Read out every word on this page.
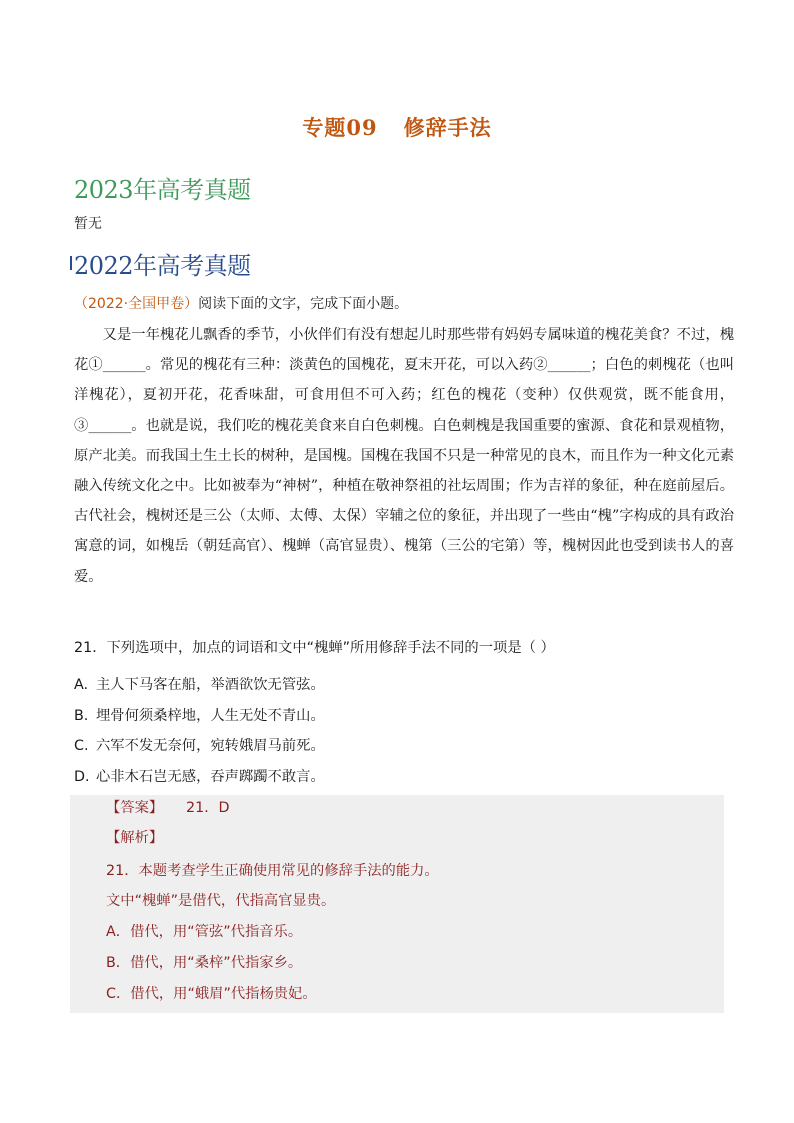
专题09 修辞手法
2023年高考真题
暂无
2022年高考真题
（2022·全国甲卷）阅读下面的文字，完成下面小题。

又是一年槐花儿飘香的季节，小伙伴们有没有想起儿时那些带有妈妈专属味道的槐花美食？不过，槐花①______。常见的槐花有三种：淡黄色的国槐花，夏末开花，可以入药②______；白色的刺槐花（也叫洋槐花），夏初开花，花香味甜，可食用但不可入药；红色的槐花（变种）仅供观赏，既不能食用，③______。也就是说，我们吃的槐花美食来自白色刺槐。白色刺槐是我国重要的蜜源、食花和景观植物，原产北美。而我国土生土长的树种，是国槐。国槐在我国不只是一种常见的良木，而且作为一种文化元素融入传统文化之中。比如被奉为“神树”，种植在敬神祭祖的社坛周围；作为吉祥的象征，种在庭前屋后。古代社会，槐树还是三公（太师、太傅、太保）宰辅之位的象征，并出现了一些由“槐”字构成的具有政治寓意的词，如槐岳（朝廷高官）、槐蝉（高官显贵）、槐第（三公的宅第）等，槐树因此也受到读书人的喜爱。

21．下列选项中，加点的词语和文中“槐蝉”所用修辞手法不同的一项是（ ）
A. 主人下马客在船，举酒欲饮无管弦。
B. 埋骨何须桑梓地，人生无处不青山。
C. 六军不发无奈何，宛转娥眉马前死。
D. 心非木石岂无感，吞声踯躅不敢言。
【答案】 21．D
【解析】
21．本题考查学生正确使用常见的修辞手法的能力。
文中“槐蝉”是借代，代指高官显贵。
A．借代，用“管弦”代指音乐。
B．借代，用“桑梓”代指家乡。
C．借代，用“蛾眉”代指杨贵妃。
